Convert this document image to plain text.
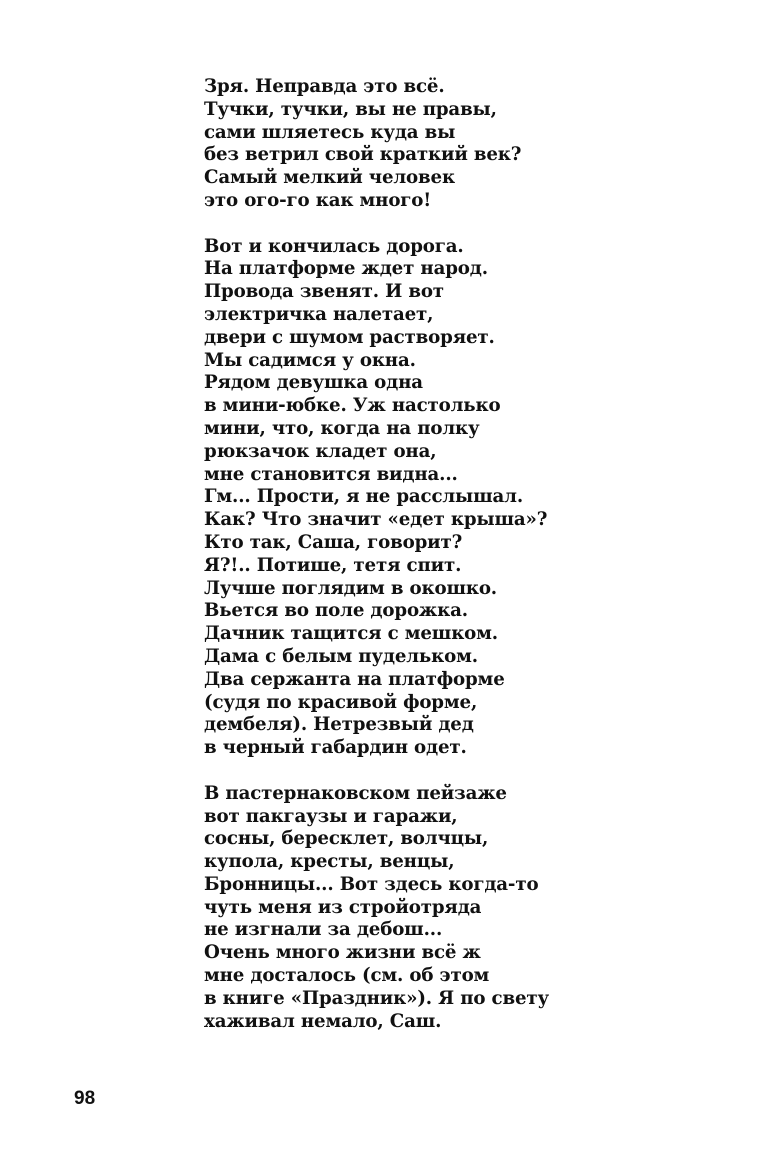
Зря. Неправда это всё.
Тучки, тучки, вы не правы,
сами шляетесь куда вы
без ветрил свой краткий век?
Самый мелкий человек
это ого-го как много!
Вот и кончилась дорога.
На платформе ждет народ.
Провода звенят. И вот
электричка налетает,
двери с шумом растворяет.
Мы садимся у окна.
Рядом девушка одна
в мини-юбке. Уж настолько
мини, что, когда на полку
рюкзачок кладет она,
мне становится видна...
Гм... Прости, я не расслышал.
Как? Что значит «едет крыша»?
Кто так, Саша, говорит?
Я?!.. Потише, тетя спит.
Лучше поглядим в окошко.
Вьется во поле дорожка.
Дачник тащится с мешком.
Дама с белым пудельком.
Два сержанта на платформе
(судя по красивой форме,
дембеля). Нетрезвый дед
в черный габардин одет.
В пастернаковском пейзаже
вот пакгаузы и гаражи,
сосны, бересклет, волчцы,
купола, кресты, венцы,
Бронницы... Вот здесь когда-то
чуть меня из стройотряда
не изгнали за дебош...
Очень много жизни всё ж
мне досталось (см. об этом
в книге «Праздник»). Я по свету
хаживал немало, Саш.
98
